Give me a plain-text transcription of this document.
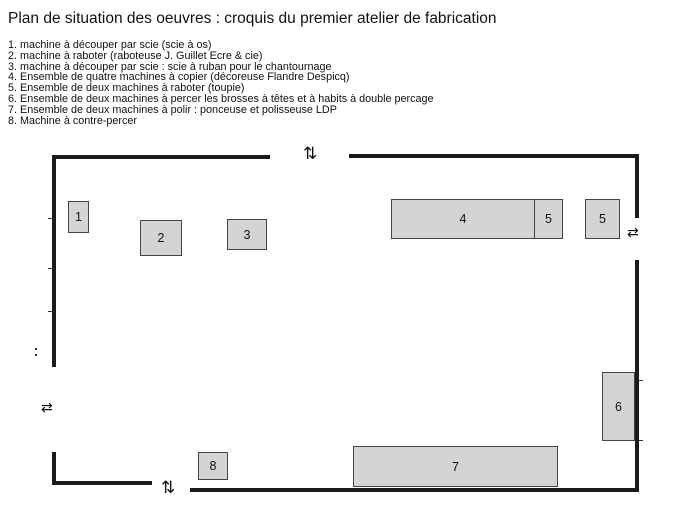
Plan de situation des oeuvres : croquis du premier atelier de fabrication
1. machine à découper par scie (scie à os)
2. machine à raboter (raboteuse J. Guillet Ecre & cie)
3. machine à découper par scie : scie à ruban pour le chantournage
4. Ensemble de quatre machines à copier (décoreuse Flandre Despicq)
5. Ensemble de deux machines à raboter (toupie)
6. Ensemble de deux machines à percer les brosses à têtes et à habits à double percage
7. Ensemble de deux machines à polir : ponceuse et polisseuse LDP
8. Machine à contre-percer
⇅
⇄
⇄
⇅
1
2	3
4	5	5
6
7
8
